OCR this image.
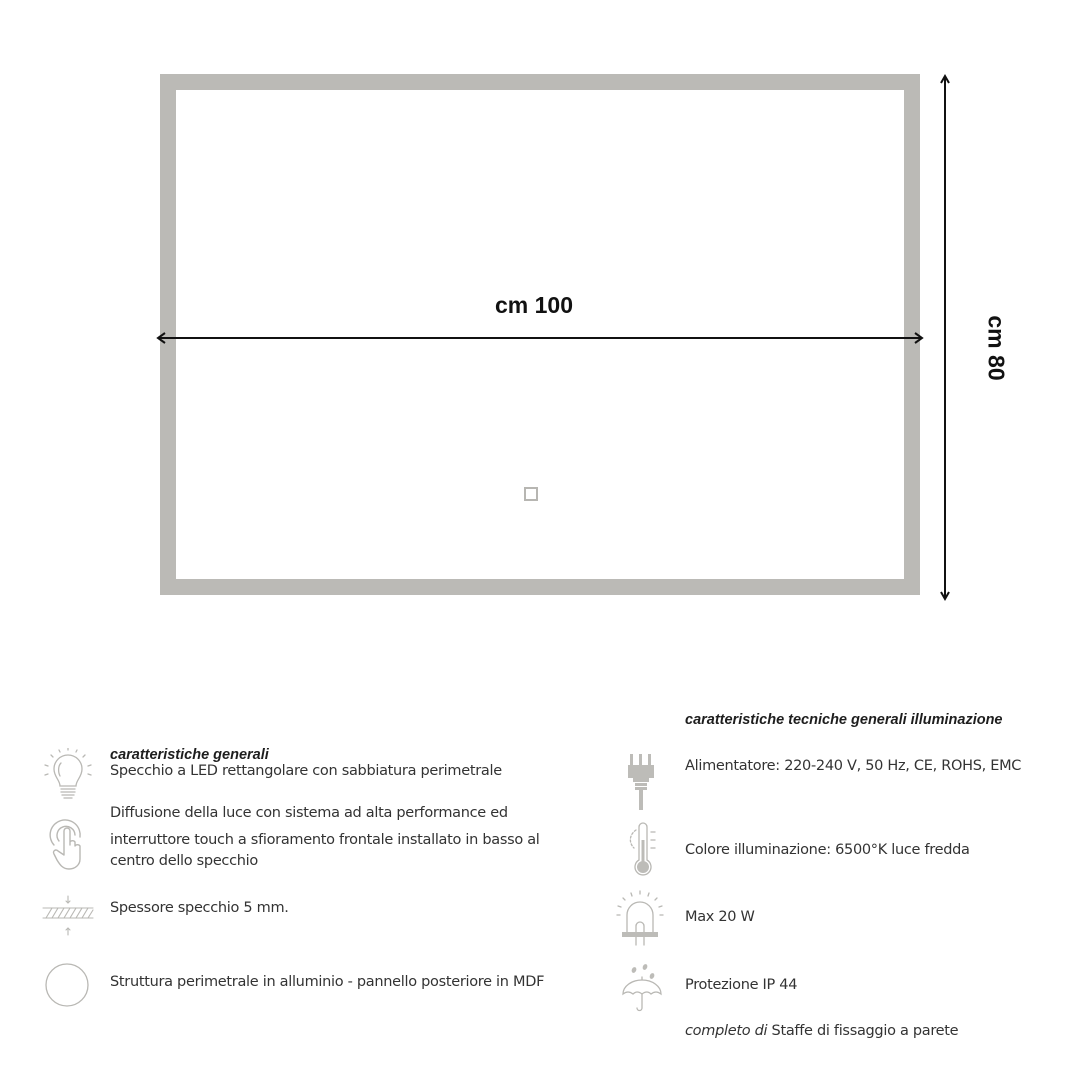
cm 100
cm 80
caratteristiche generali
Specchio a LED rettangolare con sabbiatura perimetrale
Diffusione della luce con sistema ad alta performance ed
interruttore touch a sfioramento frontale installato in basso al
centro dello specchio
Spessore specchio 5 mm.
Struttura perimetrale in alluminio - pannello posteriore in MDF
caratteristiche tecniche generali illuminazione
Alimentatore: 220-240 V, 50 Hz, CE, ROHS, EMC
Colore illuminazione: 6500°K luce fredda
Max 20 W
Protezione IP 44
completo di Staffe di fissaggio a parete
